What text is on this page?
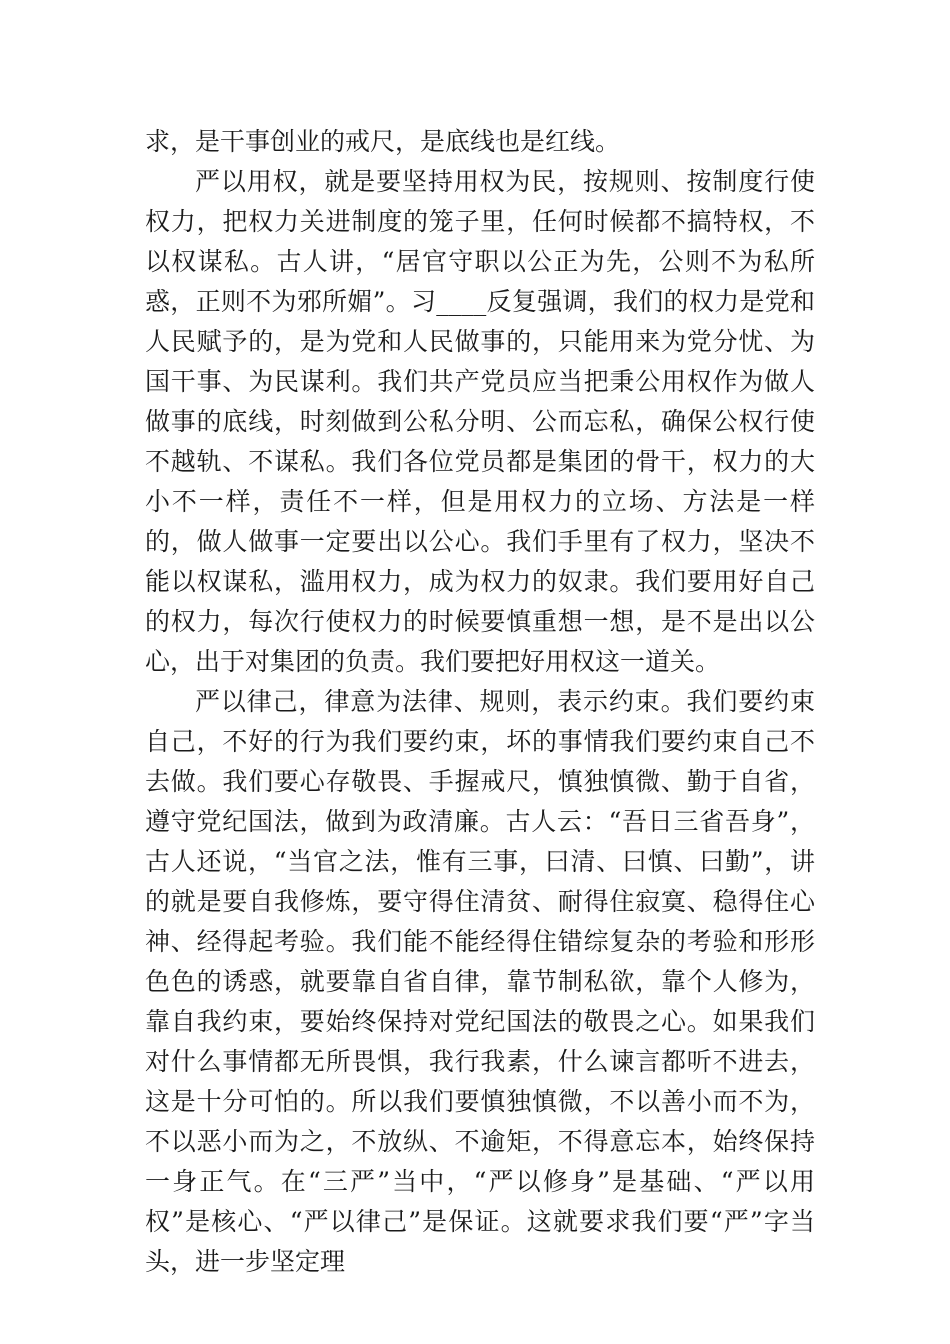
求，是干事创业的戒尺，是底线也是红线。

严以用权，就是要坚持用权为民，按规则、按制度行使权力，把权力关进制度的笼子里，任何时候都不搞特权，不以权谋私。古人讲，“居官守职以公正为先，公则不为私所惑，正则不为邪所媚”。习____反复强调，我们的权力是党和人民赋予的，是为党和人民做事的，只能用来为党分忧、为国干事、为民谋利。我们共产党员应当把秉公用权作为做人做事的底线，时刻做到公私分明、公而忘私，确保公权行使不越轨、不谋私。我们各位党员都是集团的骨干，权力的大小不一样，责任不一样，但是用权力的立场、方法是一样的，做人做事一定要出以公心。我们手里有了权力，坚决不能以权谋私，滥用权力，成为权力的奴隶。我们要用好自己的权力，每次行使权力的时候要慎重想一想，是不是出以公心，出于对集团的负责。我们要把好用权这一道关。

严以律己，律意为法律、规则，表示约束。我们要约束自己，不好的行为我们要约束，坏的事情我们要约束自己不去做。我们要心存敬畏、手握戒尺，慎独慎微、勤于自省，遵守党纪国法，做到为政清廉。古人云：“吾日三省吾身”，古人还说，“当官之法，惟有三事，曰清、曰慎、曰勤”，讲的就是要自我修炼，要守得住清贫、耐得住寂寞、稳得住心神、经得起考验。我们能不能经得住错综复杂的考验和形形色色的诱惑，就要靠自省自律，靠节制私欲，靠个人修为，靠自我约束，要始终保持对党纪国法的敬畏之心。如果我们对什么事情都无所畏惧，我行我素，什么谏言都听不进去，这是十分可怕的。所以我们要慎独慎微，不以善小而不为，不以恶小而为之，不放纵、不逾矩，不得意忘本，始终保持一身正气。在“三严”当中，“严以修身”是基础、“严以用权”是核心、“严以律己”是保证。这就要求我们要“严”字当头，进一步坚定理
